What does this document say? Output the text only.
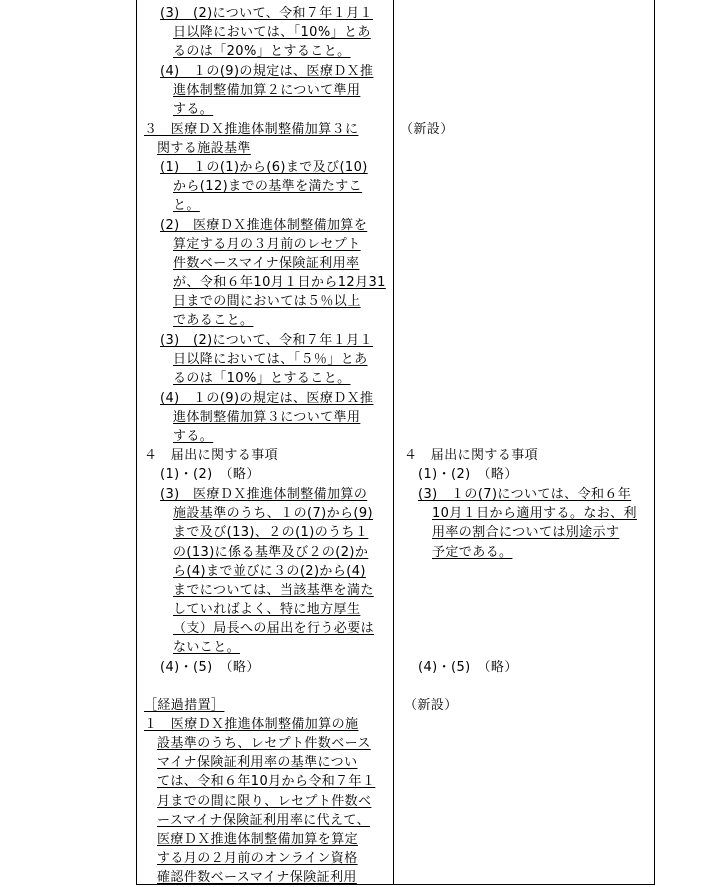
(3)　(2)について、令和７年１月１
日以降においては、「10%」とあ
るのは「20%」とすること。
(4)　１の(9)の規定は、医療ＤＸ推
進体制整備加算２について準用
する。
３　医療ＤＸ推進体制整備加算３に
関する施設基準
(1)　１の(1)から(6)まで及び(10)
から(12)までの基準を満たすこ
と。
(2)　医療ＤＸ推進体制整備加算を
算定する月の３月前のレセプト
件数ベースマイナ保険証利用率
が、令和６年10月１日から12月31
日までの間においては５％以上
であること。
(3)　(2)について、令和７年１月１
日以降においては、「５％」とあ
るのは「10%」とすること。
(4)　１の(9)の規定は、医療ＤＸ推
進体制整備加算３について準用
する。
４　届出に関する事項
(1)・(2)　（略）
(3)　医療ＤＸ推進体制整備加算の
施設基準のうち、１の(7)から(9)
まで及び(13)、２の(1)のうち１
の(13)に係る基準及び２の(2)か
ら(4)まで並びに３の(2)から(4)
までについては、当該基準を満た
していればよく、特に地方厚生
（支）局長への届出を行う必要は
ないこと。
(4)・(5)　（略）
［経過措置］
１　医療ＤＸ推進体制整備加算の施
設基準のうち、レセプト件数ベース
マイナ保険証利用率の基準につい
ては、令和６年10月から令和７年１
月までの間に限り、レセプト件数ベ
ースマイナ保険証利用率に代えて、
医療ＤＸ推進体制整備加算を算定
する月の２月前のオンライン資格
確認件数ベースマイナ保険証利用
（新設）
４　届出に関する事項
(1)・(2)　（略）
(3)　１の(7)については、令和６年
10月１日から適用する。なお、利
用率の割合については別途示す
予定である。
(4)・(5)　（略）
（新設）
